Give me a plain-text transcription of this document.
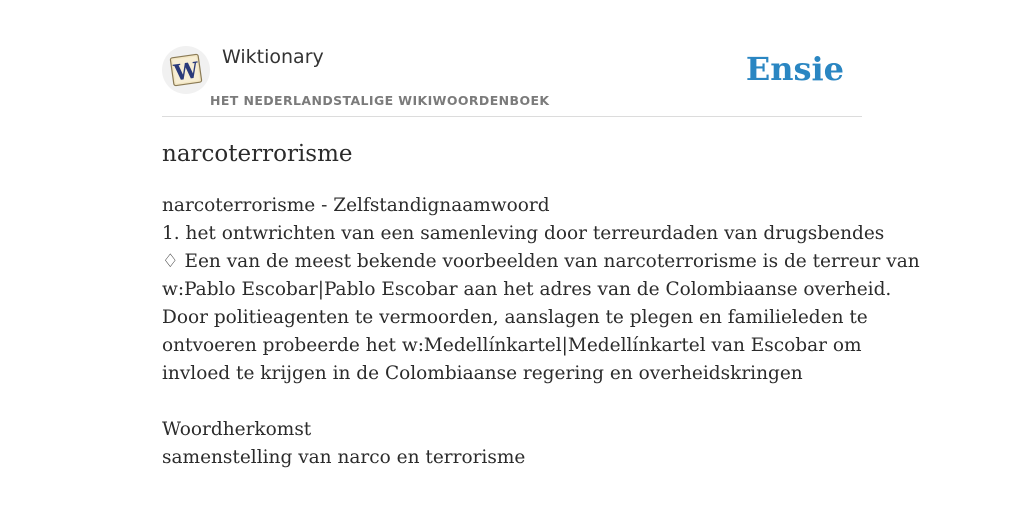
W
Wiktionary
HET NEDERLANDSTALIGE WIKIWOORDENBOEK
Ensie
narcoterrorisme
narcoterrorisme - Zelfstandignaamwoord
1. het ontwrichten van een samenleving door terreurdaden van drugsbendes
♢ Een van de meest bekende voorbeelden van narcoterrorisme is de terreur van
w:Pablo Escobar|Pablo Escobar aan het adres van de Colombiaanse overheid.
Door politieagenten te vermoorden, aanslagen te plegen en familieleden te
ontvoeren probeerde het w:Medellínkartel|Medellínkartel van Escobar om
invloed te krijgen in de Colombiaanse regering en overheidskringen
Woordherkomst
samenstelling van narco en terrorisme
